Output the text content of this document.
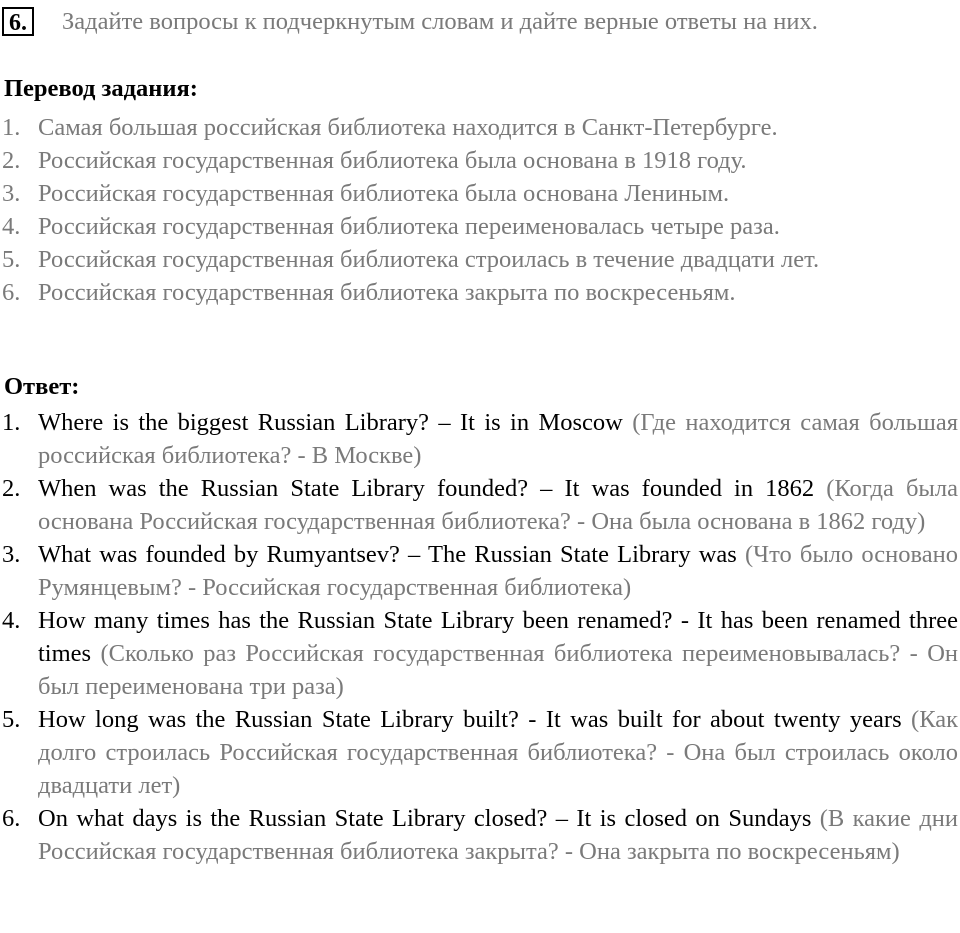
6. Задайте вопросы к подчеркнутым словам и дайте верные ответы на них.
Перевод задания:
1. Самая большая российская библиотека находится в Санкт-Петербурге.
2. Российская государственная библиотека была основана в 1918 году.
3. Российская государственная библиотека была основана Лениным.
4. Российская государственная библиотека переименовалась четыре раза.
5. Российская государственная библиотека строилась в течение двадцати лет.
6. Российская государственная библиотека закрыта по воскресеньям.
Ответ:
1. Where is the biggest Russian Library? – It is in Moscow (Где находится самая большая российская библиотека? - В Москве)
2. When was the Russian State Library founded? – It was founded in 1862 (Когда была основана Российская государственная библиотека? - Она была основана в 1862 году)
3. What was founded by Rumyantsev? – The Russian State Library was (Что было основано Румянцевым? - Российская государственная библиотека)
4. How many times has the Russian State Library been renamed? - It has been renamed three times (Сколько раз Российская государственная библиотека переименовывалась? - Он был переименована три раза)
5. How long was the Russian State Library built? - It was built for about twenty years (Как долго строилась Российская государственная библиотека? - Она был строилась около двадцати лет)
6. On what days is the Russian State Library closed? – It is closed on Sundays (В какие дни Российская государственная библиотека закрыта? - Она закрыта по воскресеньям)
